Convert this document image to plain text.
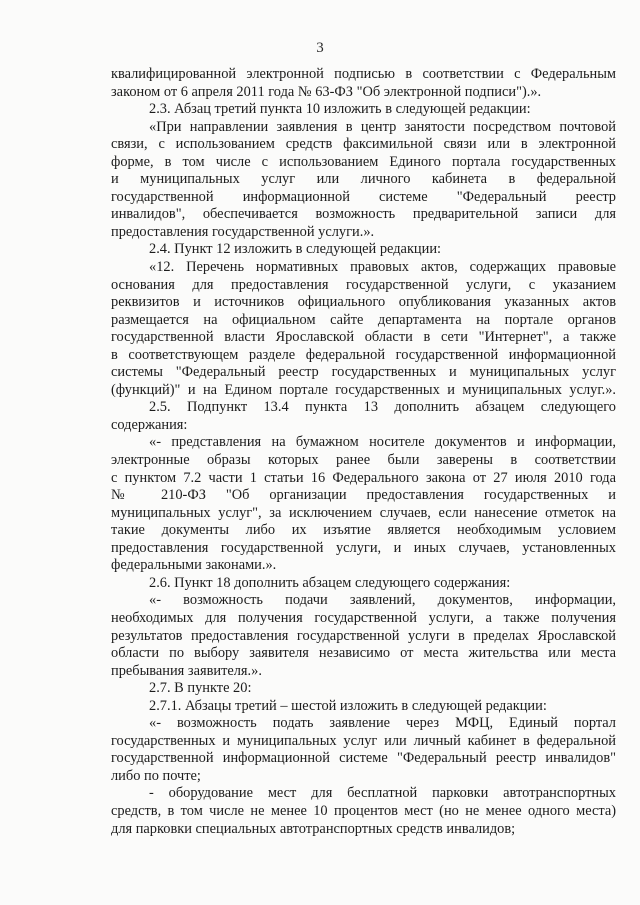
3

квалифицированной электронной подписью в соответствии с Федеральным

законом от 6 апреля 2011 года № 63-ФЗ "Об электронной подписи").».

2.3. Абзац третий пункта 10 изложить в следующей редакции:

«При направлении заявления в центр занятости посредством почтовой

связи, с использованием средств факсимильной связи или в электронной

форме, в том числе с использованием Единого портала государственных

и муниципальных услуг или личного кабинета в федеральной

государственной информационной системе "Федеральный реестр

инвалидов", обеспечивается возможность предварительной записи для

предоставления государственной услуги.».

2.4. Пункт 12 изложить в следующей редакции:

«12. Перечень нормативных правовых актов, содержащих правовые

основания для предоставления государственной услуги, с указанием

реквизитов и источников официального опубликования указанных актов

размещается на официальном сайте департамента на портале органов

государственной власти Ярославской области в сети "Интернет", а также

в соответствующем разделе федеральной государственной информационной

системы "Федеральный реестр государственных и муниципальных услуг

(функций)" и на Едином портале государственных и муниципальных услуг.».

2.5. Подпункт 13.4 пункта 13 дополнить абзацем следующего

содержания:

«- представления на бумажном носителе документов и информации,

электронные образы которых ранее были заверены в соответствии

с пунктом 7.2 части 1 статьи 16 Федерального закона от 27 июля 2010 года

№ 210-ФЗ "Об организации предоставления государственных и

муниципальных услуг", за исключением случаев, если нанесение отметок на

такие документы либо их изъятие является необходимым условием

предоставления государственной услуги, и иных случаев, установленных

федеральными законами.».

2.6. Пункт 18 дополнить абзацем следующего содержания:

«- возможность подачи заявлений, документов, информации,

необходимых для получения государственной услуги, а также получения

результатов предоставления государственной услуги в пределах Ярославской

области по выбору заявителя независимо от места жительства или места

пребывания заявителя.».

2.7. В пункте 20:

2.7.1. Абзацы третий – шестой изложить в следующей редакции:

«- возможность подать заявление через МФЦ, Единый портал

государственных и муниципальных услуг или личный кабинет в федеральной

государственной информационной системе "Федеральный реестр инвалидов"

либо по почте;

- оборудование мест для бесплатной парковки автотранспортных

средств, в том числе не менее 10 процентов мест (но не менее одного места)

для парковки специальных автотранспортных средств инвалидов;
